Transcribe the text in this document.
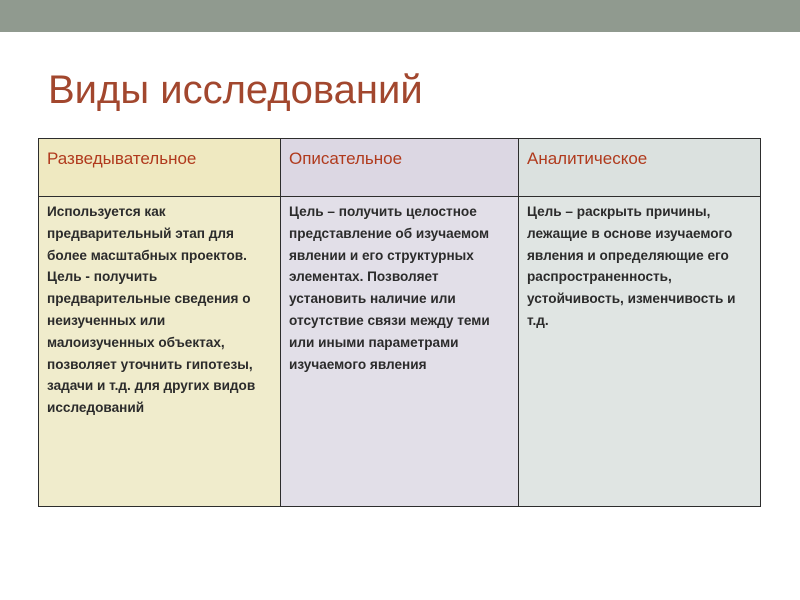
Виды исследований
Разведывательное	Описательное	Аналитическое
Используется как предварительный этап для более масштабных проектов. Цель - получить предварительные сведения о неизученных или малоизученных объектах, позволяет уточнить гипотезы, задачи и т.д. для других видов исследований	Цель – получить целостное представление об изучаемом явлении и его структурных элементах. Позволяет установить наличие или отсутствие связи между теми или иными параметрами изучаемого явления	Цель – раскрыть причины, лежащие в основе изучаемого явления и определяющие его распространенность, устойчивость, изменчивость и т.д.
